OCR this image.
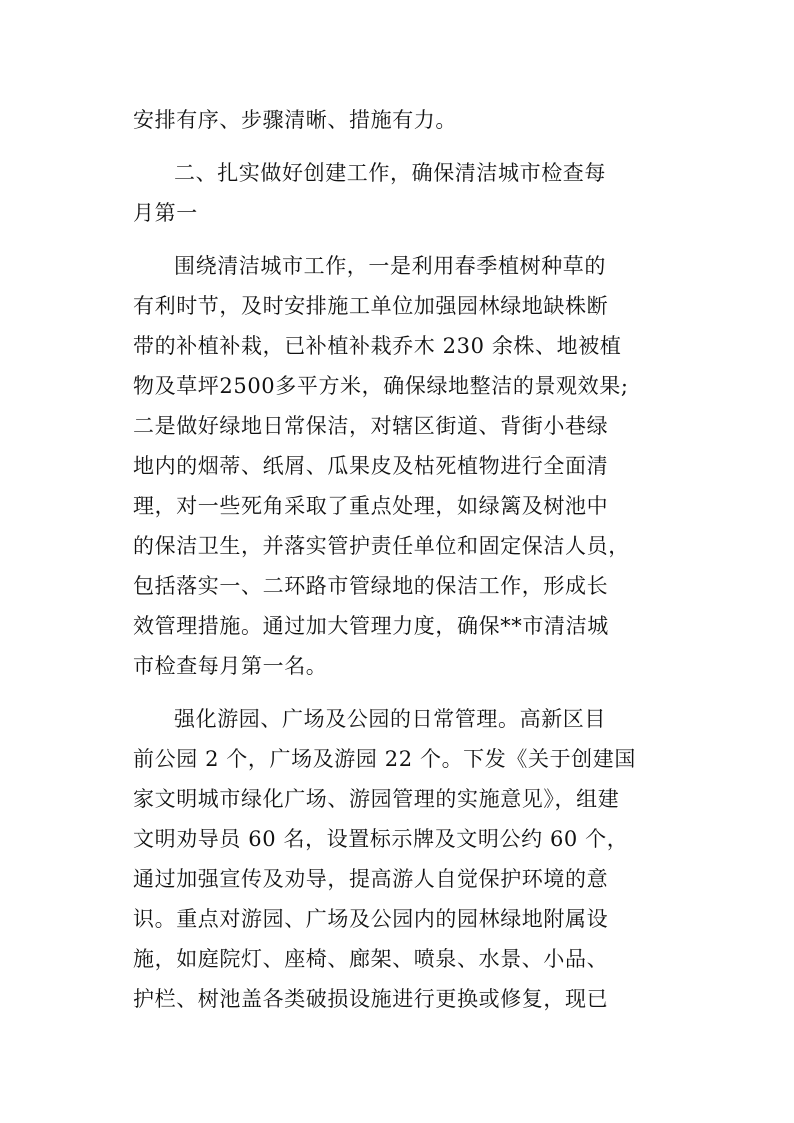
安排有序、步骤清晰、措施有力。
二、扎实做好创建工作，确保清洁城市检查每
月第一
围绕清洁城市工作，一是利用春季植树种草的
有利时节，及时安排施工单位加强园林绿地缺株断
带的补植补栽，已补植补栽乔木 230 余株、地被植
物及草坪2500多平方米，确保绿地整洁的景观效果;
二是做好绿地日常保洁，对辖区街道、背街小巷绿
地内的烟蒂、纸屑、瓜果皮及枯死植物进行全面清
理，对一些死角采取了重点处理，如绿篱及树池中
的保洁卫生，并落实管护责任单位和固定保洁人员，
包括落实一、二环路市管绿地的保洁工作，形成长
效管理措施。通过加大管理力度，确保**市清洁城
市检查每月第一名。
强化游园、广场及公园的日常管理。高新区目
前公园 2 个，广场及游园 22 个。下发《关于创建国
家文明城市绿化广场、游园管理的实施意见》，组建
文明劝导员 60 名，设置标示牌及文明公约 60 个，
通过加强宣传及劝导，提高游人自觉保护环境的意
识。重点对游园、广场及公园内的园林绿地附属设
施，如庭院灯、座椅、廊架、喷泉、水景、小品、
护栏、树池盖各类破损设施进行更换或修复，现已
